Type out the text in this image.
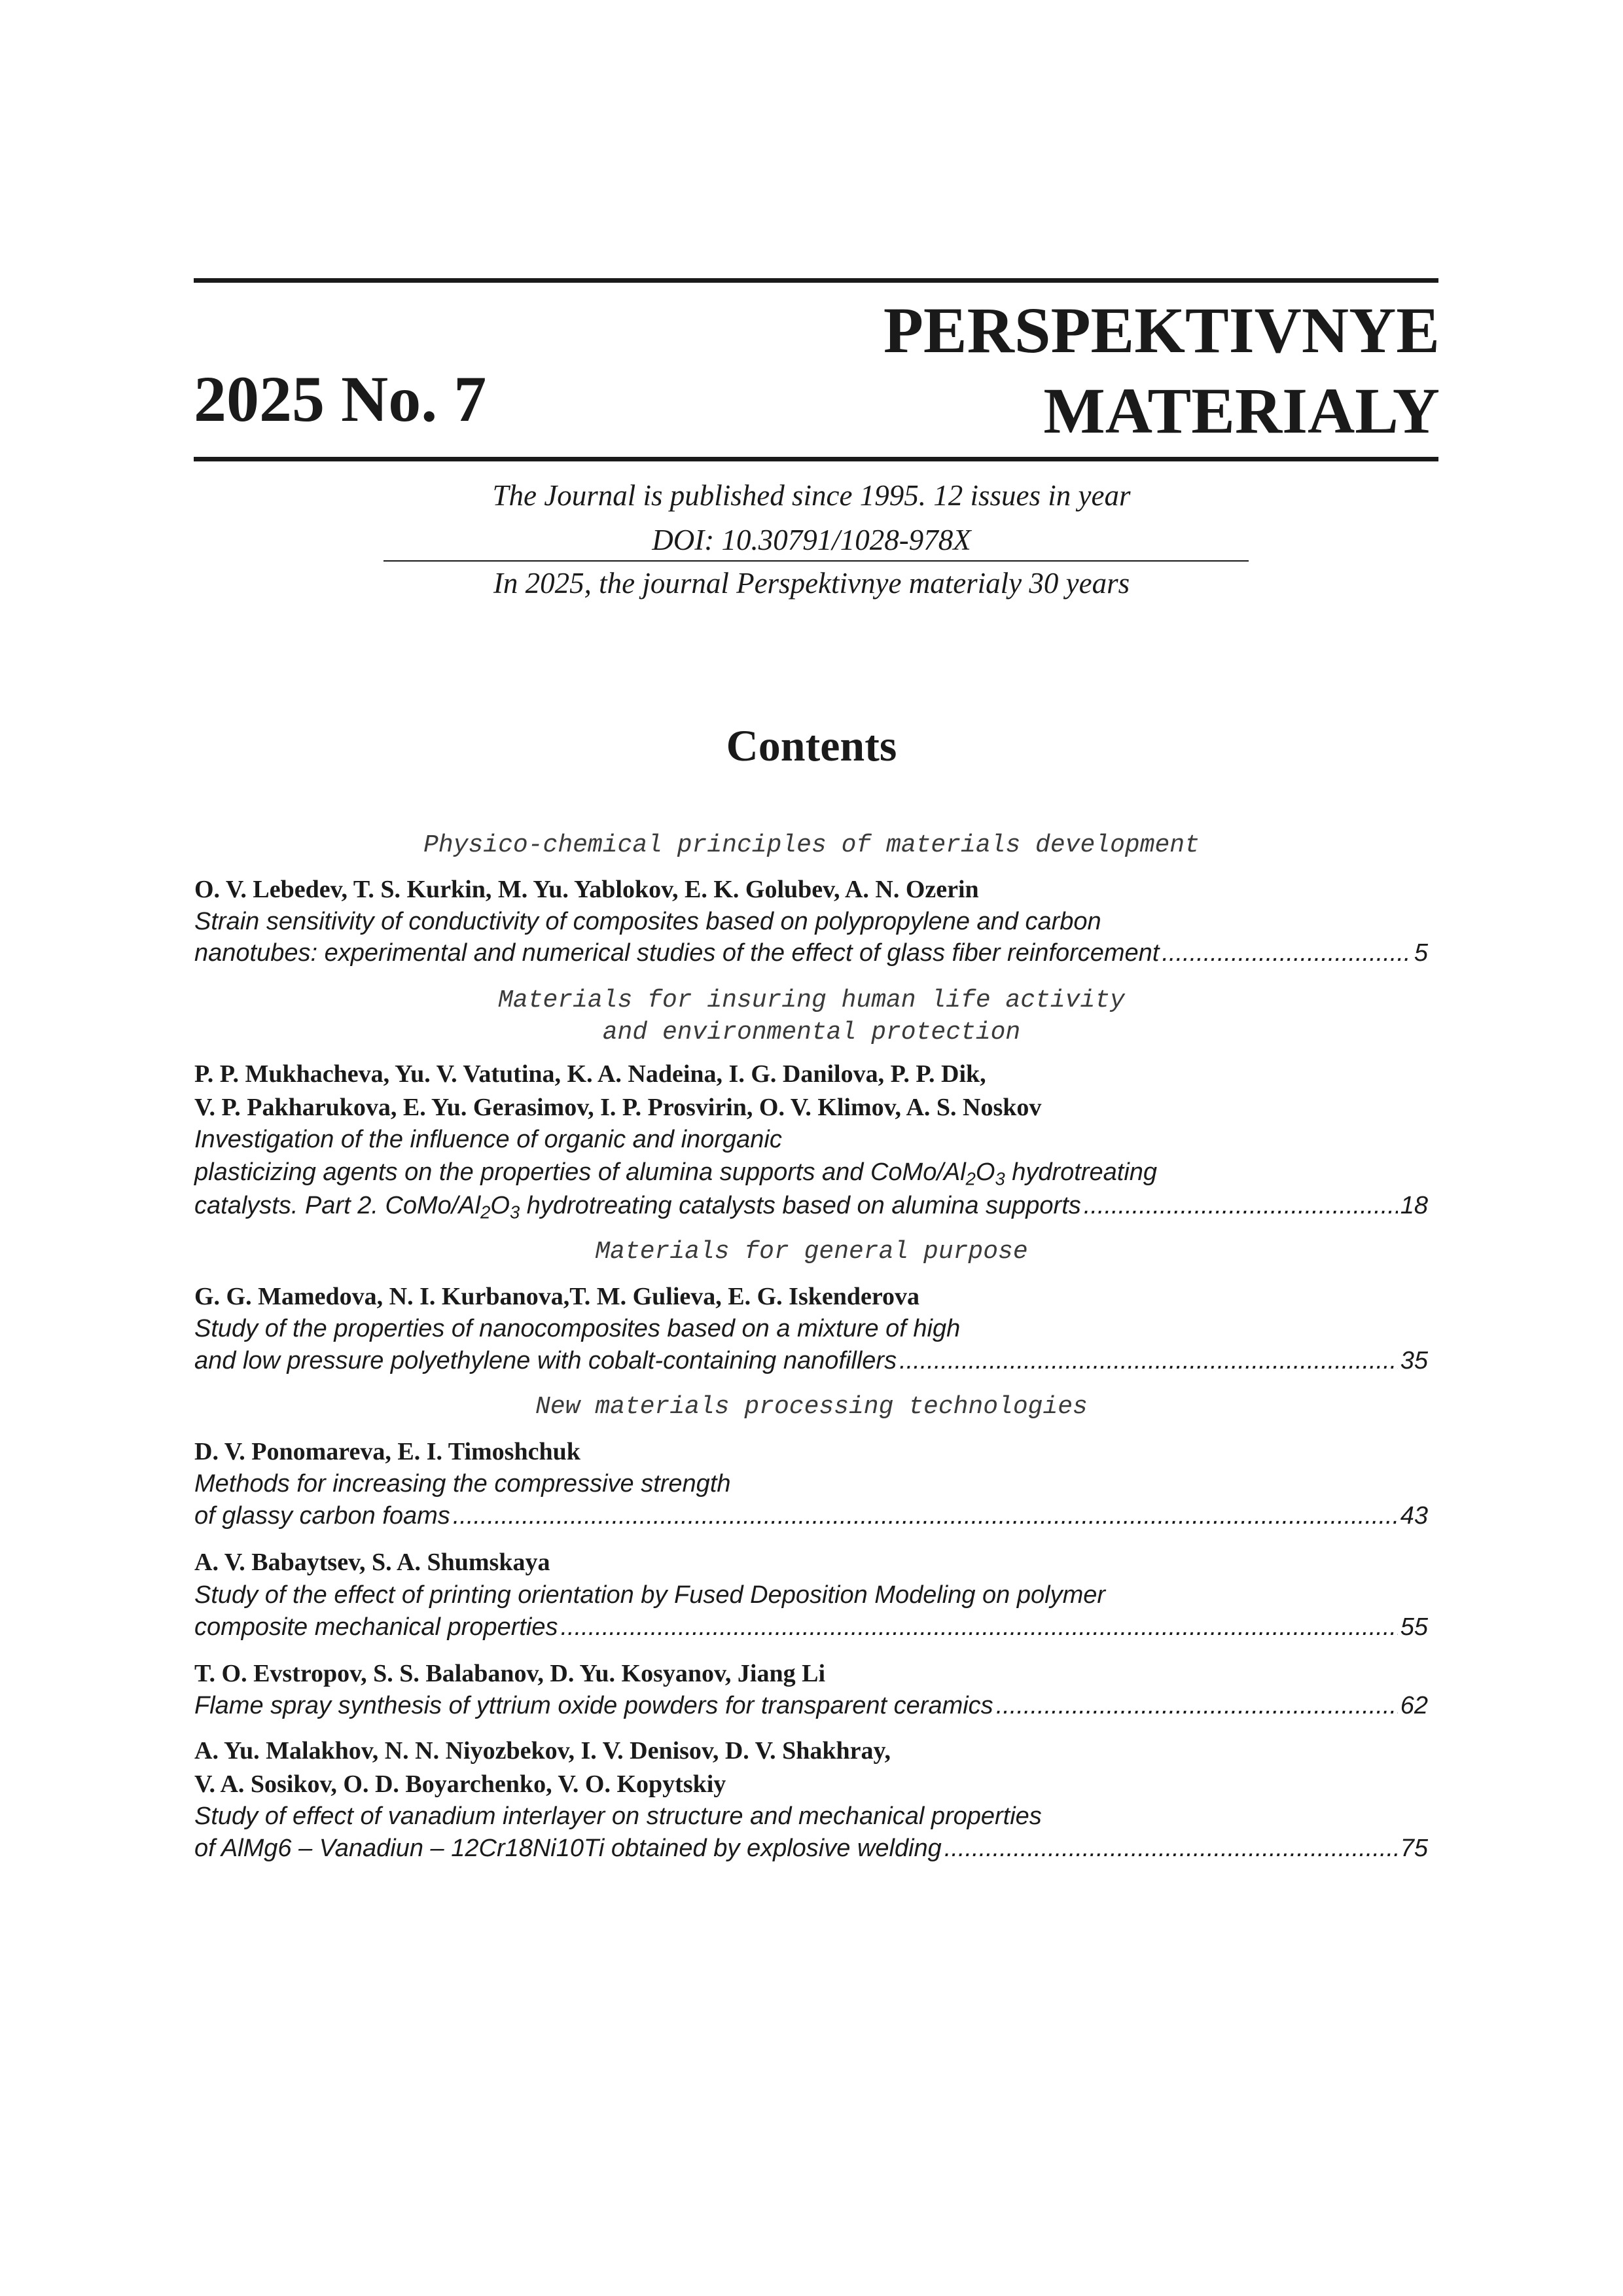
2025 No. 7
PERSPEKTIVNYE
MATERIALY
The Journal is published since 1995. 12 issues in year
DOI: 10.30791/1028-978X
In 2025, the journal Perspektivnye materialy 30 years
Contents
Physico-chemical principles of materials development
O. V. Lebedev, T. S. Kurkin, M. Yu. Yablokov, E. K. Golubev, A. N. Ozerin
Strain sensitivity of conductivity of composites based on polypropylene and carbon
nanotubes: experimental and numerical studies of the effect of glass fiber reinforcement .....	5
Materials for insuring human life activity
and environmental protection
P. P. Mukhacheva, Yu. V. Vatutina, K. A. Nadeina, I. G. Danilova, P. P. Dik,
V. P. Pakharukova, E. Yu. Gerasimov, I. P. Prosvirin, O. V. Klimov, A. S. Noskov
Investigation of the influence of organic and inorganic
plasticizing agents on the properties of alumina supports and CoMo/$Al_2O_3$ hydrotreating
catalysts. Part 2. CoMo/$Al_2O_3$ hydrotreating catalysts based on alumina supports .....	18
Materials for general purpose
G. G. Mamedova, N. I. Kurbanova,T. M. Gulieva, E. G. Iskenderova
Study of the properties of nanocomposites based on a mixture of high
and low pressure polyethylene with cobalt-containing nanofillers .....	35
New materials processing technologies
D. V. Ponomareva, E. I. Timoshchuk
Methods for increasing the compressive strength
of glassy carbon foams .....	43
A. V. Babaytsev, S. A. Shumskaya
Study of the effect of printing orientation by Fused Deposition Modeling on polymer
composite mechanical properties .....	55
T. O. Evstropov, S. S. Balabanov, D. Yu. Kosyanov, Jiang Li
Flame spray synthesis of yttrium oxide powders for transparent ceramics .....	62
A. Yu. Malakhov, N. N. Niyozbekov, I. V. Denisov, D. V. Shakhray,
V. A. Sosikov, O. D. Boyarchenko, V. O. Kopytskiy
Study of effect of vanadium interlayer on structure and mechanical properties
of AlMg6 – Vanadiun – 12Cr18Ni10Ti obtained by explosive welding .....	75
